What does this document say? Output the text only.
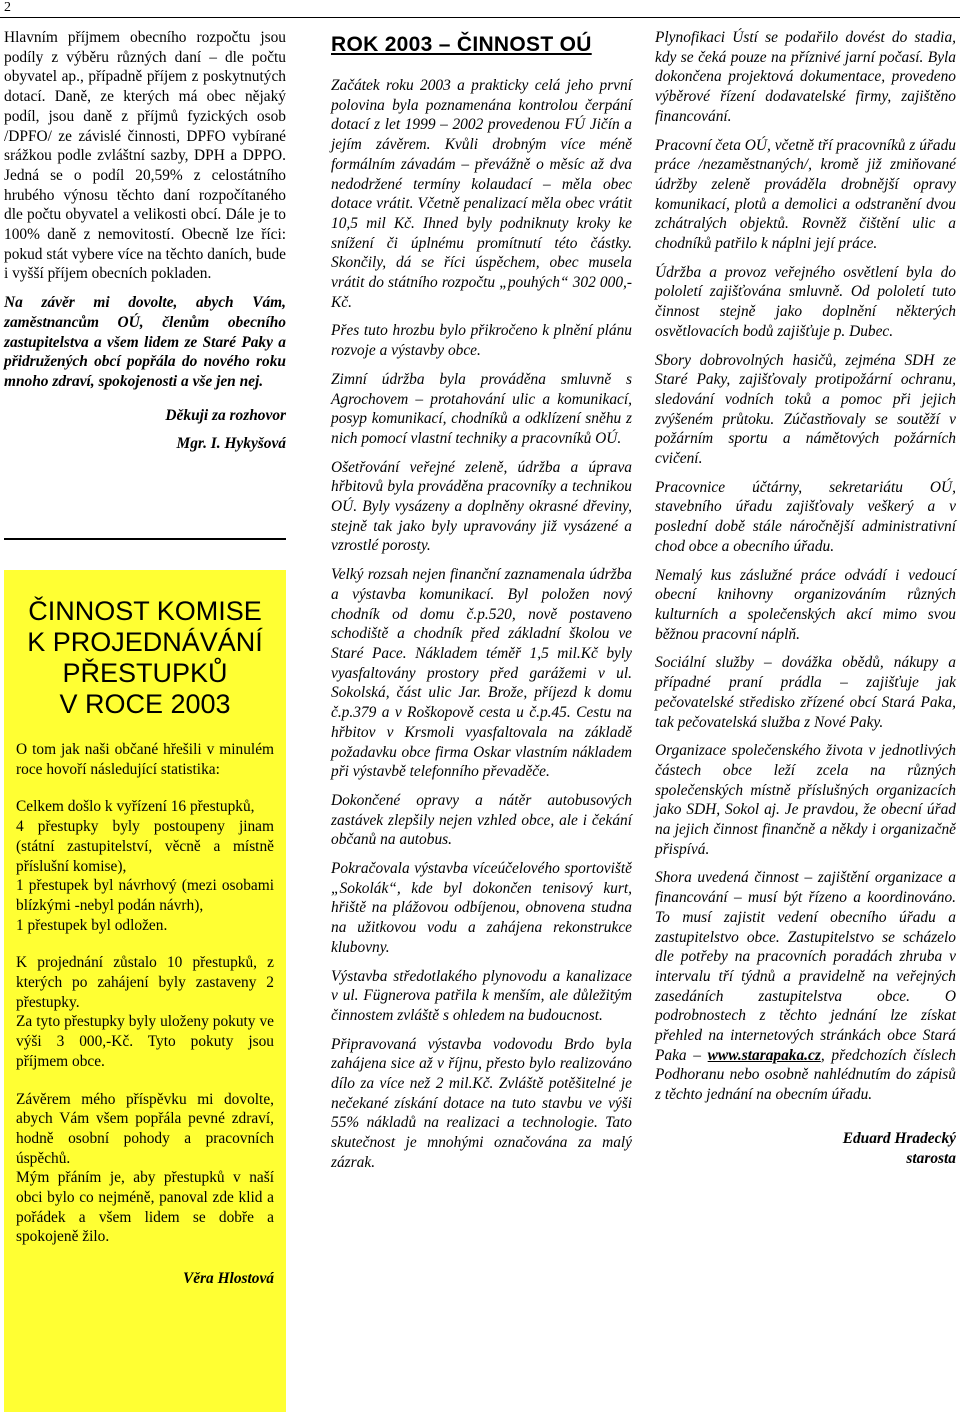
2

Hlavním příjmem obecního rozpočtu jsou podíly z výběru různých daní – dle počtu obyvatel ap., případně příjem z poskytnutých dotací. Daně, ze kterých má obec nějaký podíl, jsou daně z příjmů fyzických osob /DPFO/ ze závislé činnosti, DPFO vybírané srážkou podle zvláštní sazby, DPH a DPPO. Jedná se o podíl 20,59% z celostátního hrubého výnosu těchto daní rozpočítaného dle počtu obyvatel a velikosti obcí. Dále je to 100% daně z nemovitostí. Obecně lze říci: pokud stát vybere více na těchto daních, bude i vyšší příjem obecních pokladen.

Na závěr mi dovolte, abych Vám, zaměstnancům OÚ, členům obecního zastupitelstva a všem lidem ze Staré Paky a přidružených obcí popřála do nového roku mnoho zdraví, spokojenosti a vše jen nej.

Děkuji za rozhovor

Mgr. I. Hykyšová

ČINNOST KOMISE
K PROJEDNÁVÁNÍ
PŘESTUPKŮ
V ROCE 2003

O tom jak naši občané hřešili v minulém roce hovoří následující statistika:

Celkem došlo k vyřízení 16 přestupků,

4 přestupky byly postoupeny jinam (státní zastupitelství, věcně a místně příslušní komise),

1 přestupek byl návrhový (mezi osobami blízkými -nebyl podán návrh),

1 přestupek byl odložen.

K projednání zůstalo 10 přestupků, z kterých po zahájení byly zastaveny 2 přestupky.

Za tyto přestupky byly uloženy pokuty ve výši 3 000,-Kč. Tyto pokuty jsou příjmem obce.

Závěrem mého příspěvku mi dovolte, abych Vám všem popřála pevné zdraví, hodně osobní pohody a pracovních úspěchů.

Mým přáním je, aby přestupků v naší obci bylo co nejméně, panoval zde klid a pořádek a všem lidem se dobře a spokojeně žilo.

Věra Hlostová

ROK 2003 – ČINNOST OÚ

Začátek roku 2003 a prakticky celá jeho první polovina byla poznamenána kontrolou čerpání dotací z let 1999 – 2002 provedenou FÚ Jičín a jejím závěrem. Kvůli drobným více méně formálním závadám – převážně o měsíc až dva nedodržené termíny kolaudací – měla obec dotace vrátit. Včetně penalizací měla obec vrátit 10,5 mil Kč. Ihned byly podniknuty kroky ke snížení či úplnému promítnutí této částky. Skončily, dá se říci úspěchem, obec musela vrátit do státního rozpočtu „pouhých“ 302 000,-Kč.

Přes tuto hrozbu bylo přikročeno k plnění plánu rozvoje a výstavby obce.

Zimní údržba byla prováděna smluvně s Agrochovem – protahování ulic a komunikací, posyp komunikací, chodníků a odklízení sněhu z nich pomocí vlastní techniky a pracovníků OÚ.

Ošetřování veřejné zeleně, údržba a úprava hřbitovů byla prováděna pracovníky a technikou OÚ. Byly vysázeny a doplněny okrasné dřeviny, stejně tak jako byly upravovány již vysázené a vzrostlé porosty.

Velký rozsah nejen finanční zaznamenala údržba a výstavba komunikací. Byl položen nový chodník od domu č.p.520, nově postaveno schodiště a chodník před základní školou ve Staré Pace. Nákladem téměř 1,5 mil.Kč byly vyasfaltovány prostory před garážemi v ul. Sokolská, část ulic Jar. Brože, příjezd k domu č.p.379 a v Roškopově cesta u č.p.45. Cestu na hřbitov v Krsmoli vyasfaltovala na základě požadavku obce firma Oskar vlastním nákladem při výstavbě telefonního převaděče.

Dokončené opravy a nátěr autobusových zastávek zlepšily nejen vzhled obce, ale i čekání občanů na autobus.

Pokračovala výstavba víceúčelového sportoviště „Sokolák“, kde byl dokončen tenisový kurt, hřiště na plážovou odbíjenou, obnovena studna na užitkovou vodu a zahájena rekonstrukce klubovny.

Výstavba středotlakého plynovodu a kanalizace v ul. Fügnerova patřila k menším, ale důležitým činnostem zvláště s ohledem na budoucnost.

Připravovaná výstavba vodovodu Brdo byla zahájena sice až v říjnu, přesto bylo realizováno dílo za více než 2 mil.Kč. Zvláště potěšitelné je nečekané získání dotace na tuto stavbu ve výši 55% nákladů na realizaci a technologie. Tato skutečnost je mnohými označována za malý zázrak.

Plynofikaci Ústí se podařilo dovést do stadia, kdy se čeká pouze na příznivé jarní počasí. Byla dokončena projektová dokumentace, provedeno výběrové řízení dodavatelské firmy, zajištěno financování.

Pracovní četa OÚ, včetně tří pracovníků z úřadu práce /nezaměstnaných/, kromě již zmiňované údržby zeleně prováděla drobnější opravy komunikací, plotů a demolici a odstranění dvou zchátralých objektů. Rovněž čištění ulic a chodníků patřilo k náplni její práce.

Údržba a provoz veřejného osvětlení byla do pololetí zajišťována smluvně. Od pololetí tuto činnost stejně jako doplnění některých osvětlovacích bodů zajišťuje p. Dubec.

Sbory dobrovolných hasičů, zejména SDH ze Staré Paky, zajišťovaly protipožární ochranu, sledování vodních toků a pomoc při jejich zvýšeném průtoku. Zúčastňovaly se soutěží v požárním sportu a námětových požárních cvičení.

Pracovnice účtárny, sekretariátu OÚ, stavebního úřadu zajišťovaly veškerý a v poslední době stále náročnější administrativní chod obce a obecního úřadu.

Nemalý kus záslužné práce odvádí i vedoucí obecní knihovny organizováním různých kulturních a společenských akcí mimo svou běžnou pracovní náplň.

Sociální služby – dovážka obědů, nákupy a případné praní prádla – zajišťuje jak pečovatelské středisko zřízené obcí Stará Paka, tak pečovatelská služba z Nové Paky.

Organizace společenského života v jednotlivých částech obce leží zcela na různých společenských místně příslušných organizacích jako SDH, Sokol aj. Je pravdou, že obecní úřad na jejich činnost finančně a někdy i organizačně přispívá.

Shora uvedená činnost – zajištění organizace a financování – musí být řízeno a koordinováno. To musí zajistit vedení obecního úřadu a zastupitelstvo obce. Zastupitelstvo se scházelo dle potřeby na pracovních poradách zhruba v intervalu tří týdnů a pravidelně na veřejných zasedáních zastupitelstva obce. O podrobnostech z těchto jednání lze získat přehled na internetových stránkách obce Stará Paka – www.starapaka.cz, předchozích číslech Podhoranu nebo osobně nahlédnutím do zápisů z těchto jednání na obecním úřadu.

Eduard Hradecký
starosta
